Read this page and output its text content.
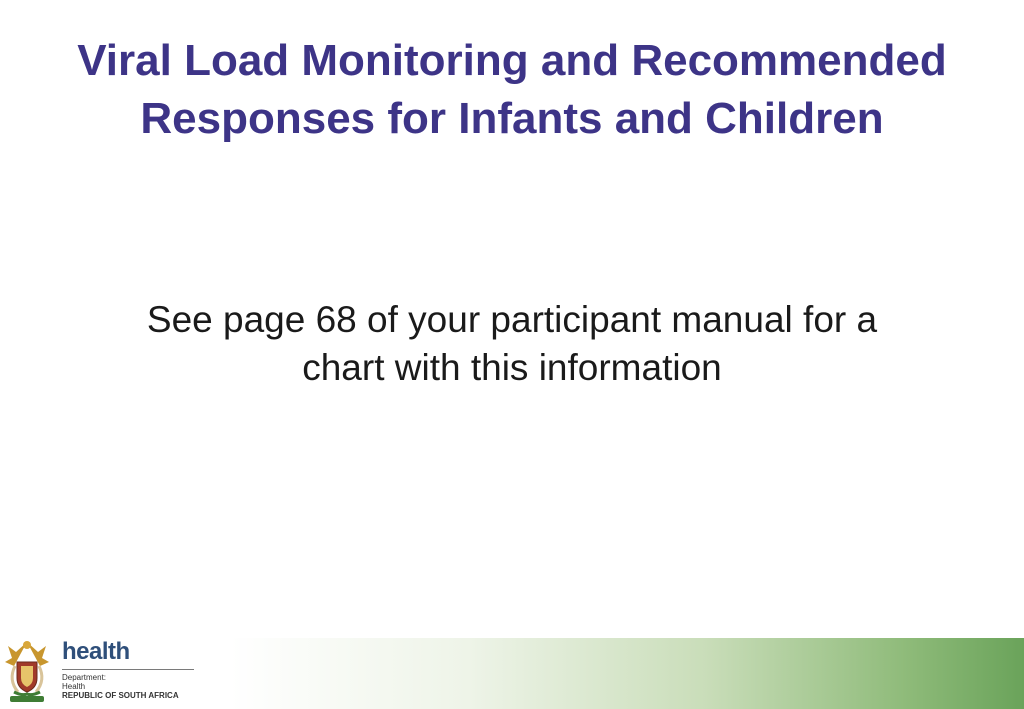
Viral Load Monitoring and Recommended
Responses for Infants and Children

See page 68 of your participant manual for a
chart with this information

health

Department:

Health

REPUBLIC OF SOUTH AFRICA
